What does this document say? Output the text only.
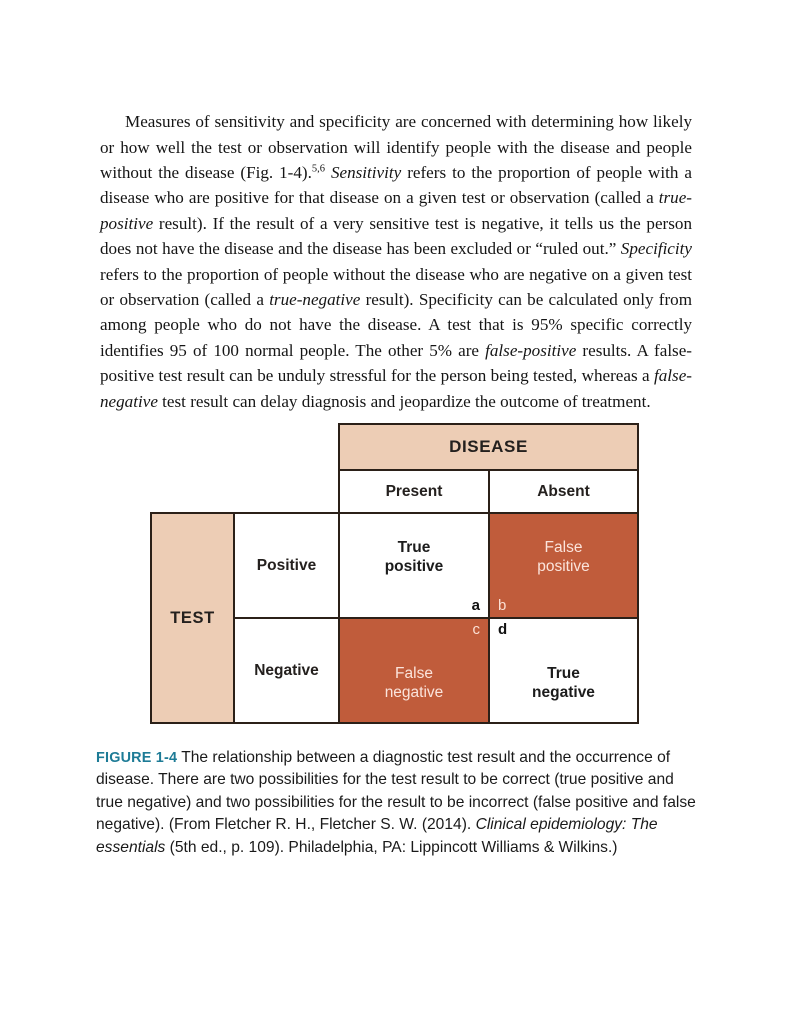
Measures of sensitivity and specificity are concerned with determining how likely or how well the test or observation will identify people with the disease and people without the disease (Fig. 1-4).$^{5,6}$ Sensitivity refers to the proportion of people with a disease who are positive for that disease on a given test or observation (called a true-positive result). If the result of a very sensitive test is negative, it tells us the person does not have the disease and the disease has been excluded or “ruled out.” Specificity refers to the proportion of people without the disease who are negative on a given test or observation (called a true-negative result). Specificity can be calculated only from among people who do not have the disease. A test that is 95% specific correctly identifies 95 of 100 normal people. The other 5% are false-positive results. A false-positive test result can be unduly stressful for the person being tested, whereas a false-negative test result can delay diagnosis and jeopardize the outcome of treatment.

DISEASE
Present	Absent
TEST
Positive
Negative
True
positive
a
False
positive
b
False
negative
c
True
negative
d

FIGURE 1-4 The relationship between a diagnostic test result and the occurrence of disease. There are two possibilities for the test result to be correct (true positive and true negative) and two possibilities for the result to be incorrect (false positive and false negative). (From Fletcher R. H., Fletcher S. W. (2014). Clinical epidemiology: The essentials (5th ed., p. 109). Philadelphia, PA: Lippincott Williams & Wilkins.)
